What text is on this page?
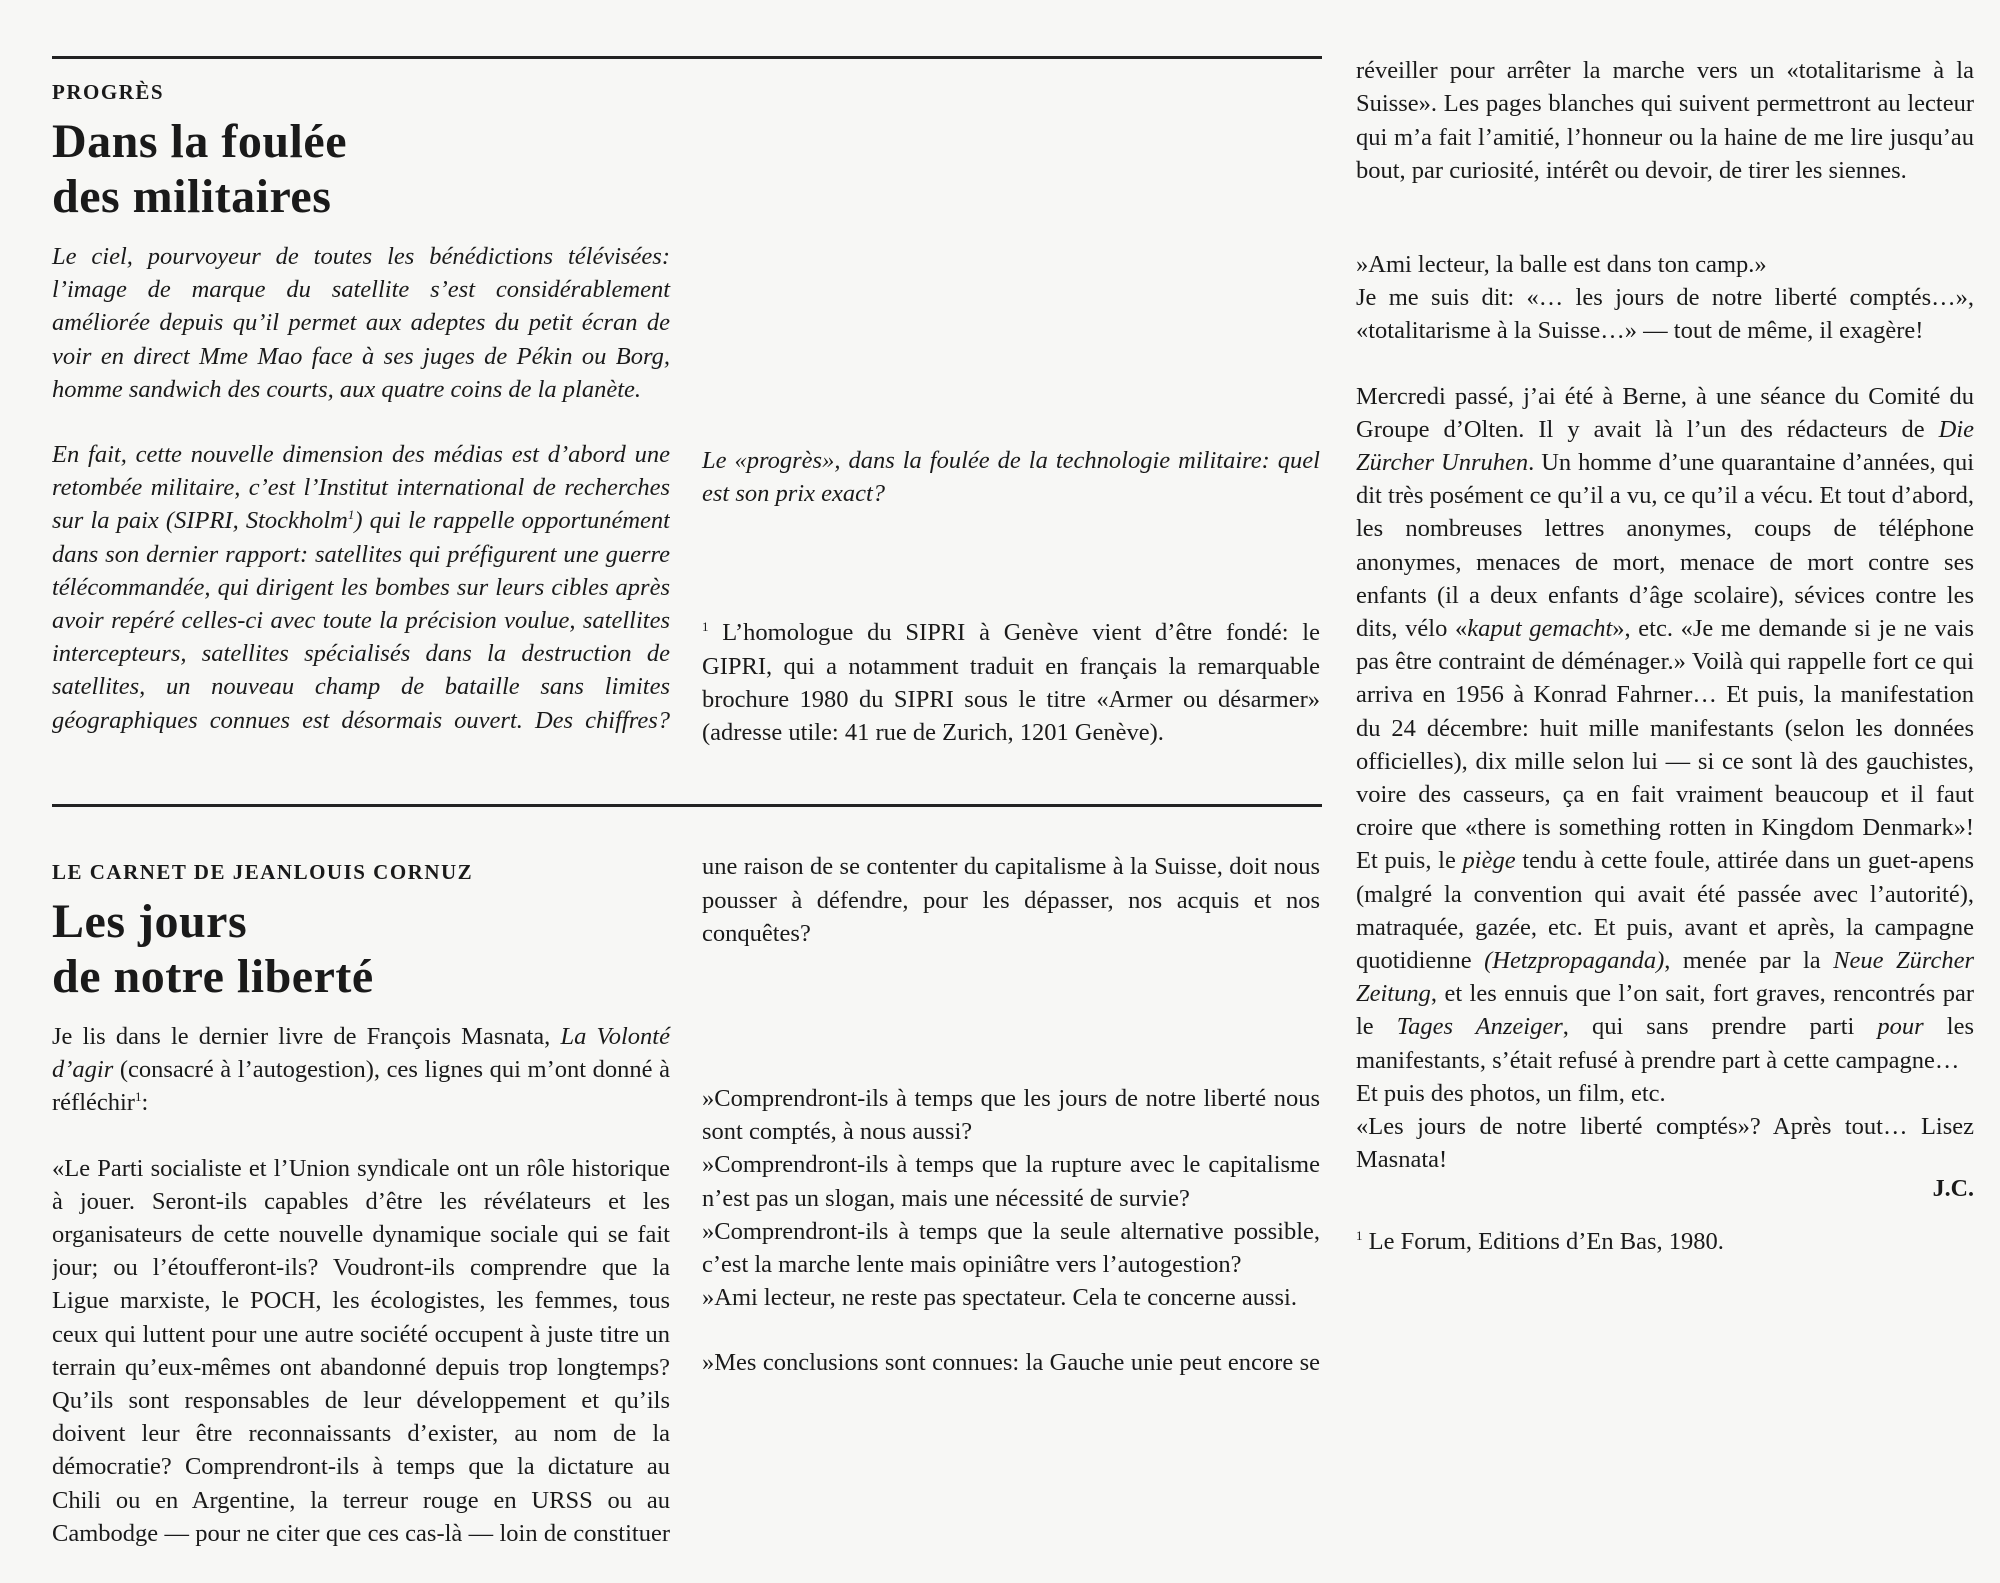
PROGRÈS
Dans la foulée
des militaires

Le ciel, pourvoyeur de toutes les bénédictions télévisées: l’image de marque du satellite s’est considérablement améliorée depuis qu’il permet aux adeptes du petit écran de voir en direct Mme Mao face à ses juges de Pékin ou Borg, homme sandwich des courts, aux quatre coins de la planète.

En fait, cette nouvelle dimension des médias est d’abord une retombée militaire, c’est l’Institut international de recherches sur la paix (SIPRI, Stockholm$^1$) qui le rappelle opportunément dans son dernier rapport: satellites qui préfigurent une guerre télécommandée, qui dirigent les bombes sur leurs cibles après avoir repéré celles-ci avec toute la précision voulue, satellites intercepteurs, satellites spécialisés dans la destruction de satellites, un nouveau champ de bataille sans limites géographiques connues est désormais ouvert. Des chiffres?

Le «progrès», dans la foulée de la technologie militaire: quel est son prix exact?

$^1$ L’homologue du SIPRI à Genève vient d’être fondé: le GIPRI, qui a notamment traduit en français la remarquable brochure 1980 du SIPRI sous le titre «Armer ou désarmer» (adresse utile: 41 rue de Zurich, 1201 Genève).

LE CARNET DE JEANLOUIS CORNUZ
Les jours
de notre liberté

Je lis dans le dernier livre de François Masnata, La Volonté d’agir (consacré à l’autogestion), ces lignes qui m’ont donné à réfléchir$^1$:

«Le Parti socialiste et l’Union syndicale ont un rôle historique à jouer. Seront-ils capables d’être les révélateurs et les organisateurs de cette nouvelle dynamique sociale qui se fait jour; ou l’étoufferont-ils? Voudront-ils comprendre que la Ligue marxiste, le POCH, les écologistes, les femmes, tous ceux qui luttent pour une autre société occupent à juste titre un terrain qu’eux-mêmes ont abandonné depuis trop longtemps? Qu’ils sont responsables de leur développement et qu’ils doivent leur être reconnaissants d’exister, au nom de la démocratie? Comprendront-ils à temps que la dictature au Chili ou en Argentine, la terreur rouge en URSS ou au Cambodge — pour ne citer que ces cas-là — loin de constituer

une raison de se contenter du capitalisme à la Suisse, doit nous pousser à défendre, pour les dépasser, nos acquis et nos conquêtes?

»Comprendront-ils à temps que les jours de notre liberté nous sont comptés, à nous aussi?

»Comprendront-ils à temps que la rupture avec le capitalisme n’est pas un slogan, mais une nécessité de survie?

»Comprendront-ils à temps que la seule alternative possible, c’est la marche lente mais opiniâtre vers l’autogestion?

»Ami lecteur, ne reste pas spectateur. Cela te concerne aussi.

»Mes conclusions sont connues: la Gauche unie peut encore se

réveiller pour arrêter la marche vers un «totalitarisme à la Suisse». Les pages blanches qui suivent permettront au lecteur qui m’a fait l’amitié, l’honneur ou la haine de me lire jusqu’au bout, par curiosité, intérêt ou devoir, de tirer les siennes.

»Ami lecteur, la balle est dans ton camp.»

Je me suis dit: «… les jours de notre liberté comptés…», «totalitarisme à la Suisse…» — tout de même, il exagère!

Mercredi passé, j’ai été à Berne, à une séance du Comité du Groupe d’Olten. Il y avait là l’un des rédacteurs de Die Zürcher Unruhen. Un homme d’une quarantaine d’années, qui dit très posément ce qu’il a vu, ce qu’il a vécu. Et tout d’abord, les nombreuses lettres anonymes, coups de téléphone anonymes, menaces de mort, menace de mort contre ses enfants (il a deux enfants d’âge scolaire), sévices contre les dits, vélo «kaput gemacht», etc. «Je me demande si je ne vais pas être contraint de déménager.» Voilà qui rappelle fort ce qui arriva en 1956 à Konrad Fahrner… Et puis, la manifestation du 24 décembre: huit mille manifestants (selon les données officielles), dix mille selon lui — si ce sont là des gauchistes, voire des casseurs, ça en fait vraiment beaucoup et il faut croire que «there is something rotten in Kingdom Denmark»! Et puis, le piège tendu à cette foule, attirée dans un guet-apens (malgré la convention qui avait été passée avec l’autorité), matraquée, gazée, etc. Et puis, avant et après, la campagne quotidienne (Hetzpropaganda), menée par la Neue Zürcher Zeitung, et les ennuis que l’on sait, fort graves, rencontrés par le Tages Anzeiger, qui sans prendre parti pour les manifestants, s’était refusé à prendre part à cette campagne…

Et puis des photos, un film, etc.

«Les jours de notre liberté comptés»? Après tout… Lisez Masnata!

J.C.

$^1$ Le Forum, Editions d’En Bas, 1980.
